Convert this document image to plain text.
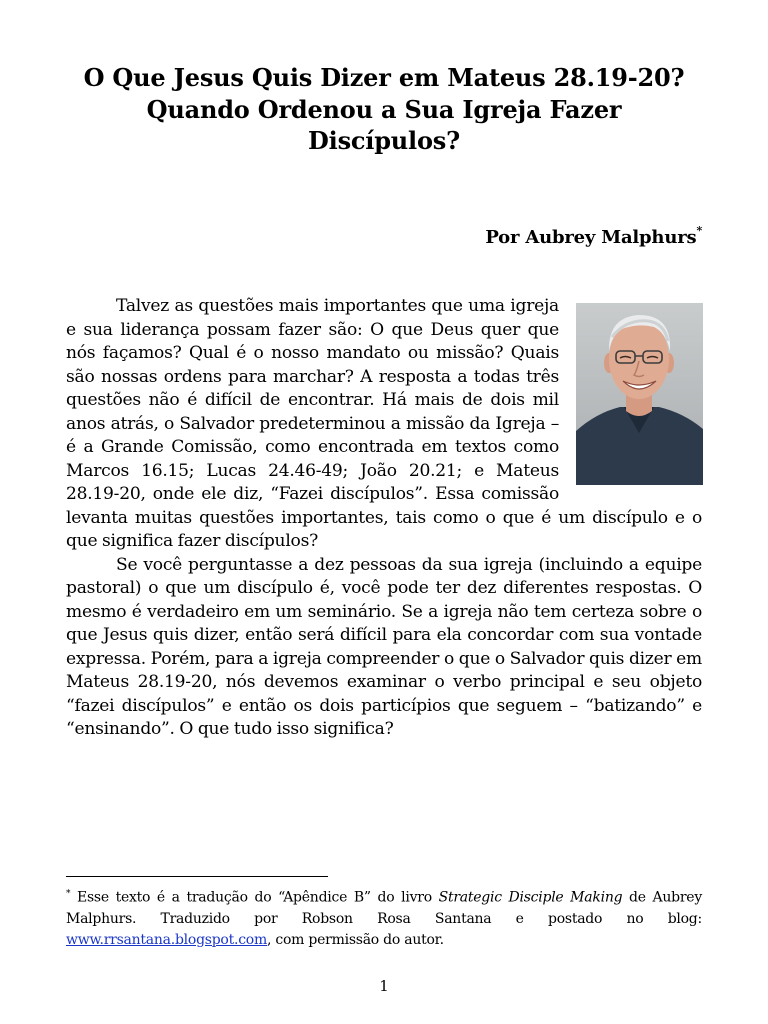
O Que Jesus Quis Dizer em Mateus 28.19-20?
Quando Ordenou a Sua Igreja Fazer
Discípulos?
Por Aubrey Malphurs*

Talvez as questões mais importantes que uma igreja e sua liderança possam fazer são: O que Deus quer que nós façamos? Qual é o nosso mandato ou missão? Quais são nossas ordens para marchar? A resposta a todas três questões não é difícil de encontrar. Há mais de dois mil anos atrás, o Salvador predeterminou a missão da Igreja – é a Grande Comissão, como encontrada em textos como Marcos 16.15; Lucas 24.46-49; João 20.21; e Mateus 28.19-20, onde ele diz, “Fazei discípulos”. Essa comissão levanta muitas questões importantes, tais como o que é um discípulo e o que significa fazer discípulos?

Se você perguntasse a dez pessoas da sua igreja (incluindo a equipe pastoral) o que um discípulo é, você pode ter dez diferentes respostas. O mesmo é verdadeiro em um seminário. Se a igreja não tem certeza sobre o que Jesus quis dizer, então será difícil para ela concordar com sua vontade expressa. Porém, para a igreja compreender o que o Salvador quis dizer em Mateus 28.19-20, nós devemos examinar o verbo principal e seu objeto “fazei discípulos” e então os dois particípios que seguem – “batizando” e “ensinando”. O que tudo isso significa?

* Esse texto é a tradução do “Apêndice B” do livro Strategic Disciple Making de Aubrey Malphurs. Traduzido por Robson Rosa Santana e postado no blog: www.rrsantana.blogspot.com, com permissão do autor.
1
